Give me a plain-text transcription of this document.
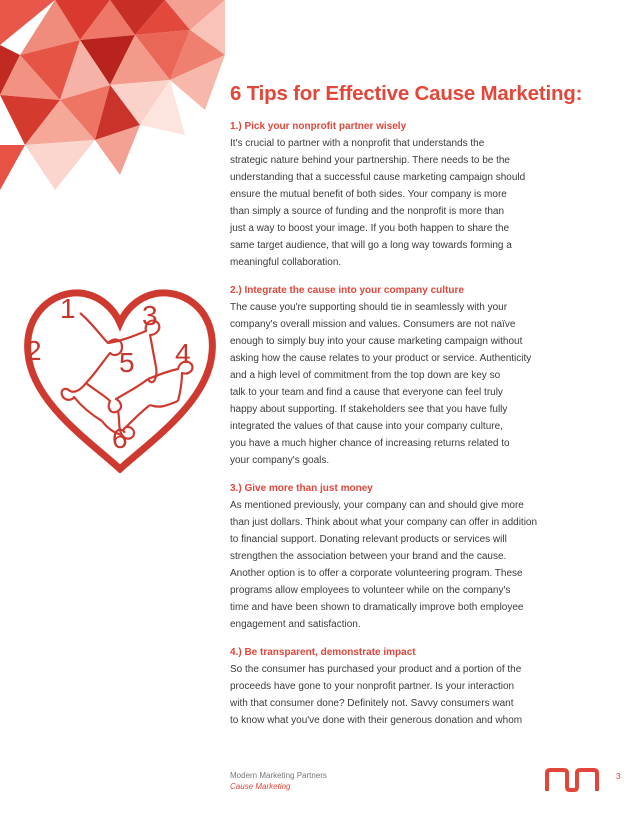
1
2
3
4
5
6
6 Tips for Effective Cause Marketing:

1.) Pick your nonprofit partner wisely

It's crucial to partner with a nonprofit that understands the
strategic nature behind your partnership. There needs to be the
understanding that a successful cause marketing campaign should
ensure the mutual benefit of both sides. Your company is more
than simply a source of funding and the nonprofit is more than
just a way to boost your image. If you both happen to share the
same target audience, that will go a long way towards forming a
meaningful collaboration.

2.) Integrate the cause into your company culture

The cause you're supporting should tie in seamlessly with your
company's overall mission and values. Consumers are not naïve
enough to simply buy into your cause marketing campaign without
asking how the cause relates to your product or service. Authenticity
and a high level of commitment from the top down are key so
talk to your team and find a cause that everyone can feel truly
happy about supporting. If stakeholders see that you have fully
integrated the values of that cause into your company culture,
you have a much higher chance of increasing returns related to
your company's goals.

3.) Give more than just money

As mentioned previously, your company can and should give more
than just dollars. Think about what your company can offer in addition
to financial support. Donating relevant products or services will
strengthen the association between your brand and the cause.
Another option is to offer a corporate volunteering program. These
programs allow employees to volunteer while on the company's
time and have been shown to dramatically improve both employee
engagement and satisfaction.

4.) Be transparent, demonstrate impact

So the consumer has purchased your product and a portion of the
proceeds have gone to your nonprofit partner. Is your interaction
with that consumer done? Definitely not. Savvy consumers want
to know what you've done with their generous donation and whom

Modern Marketing Partners
Cause Marketing
3
